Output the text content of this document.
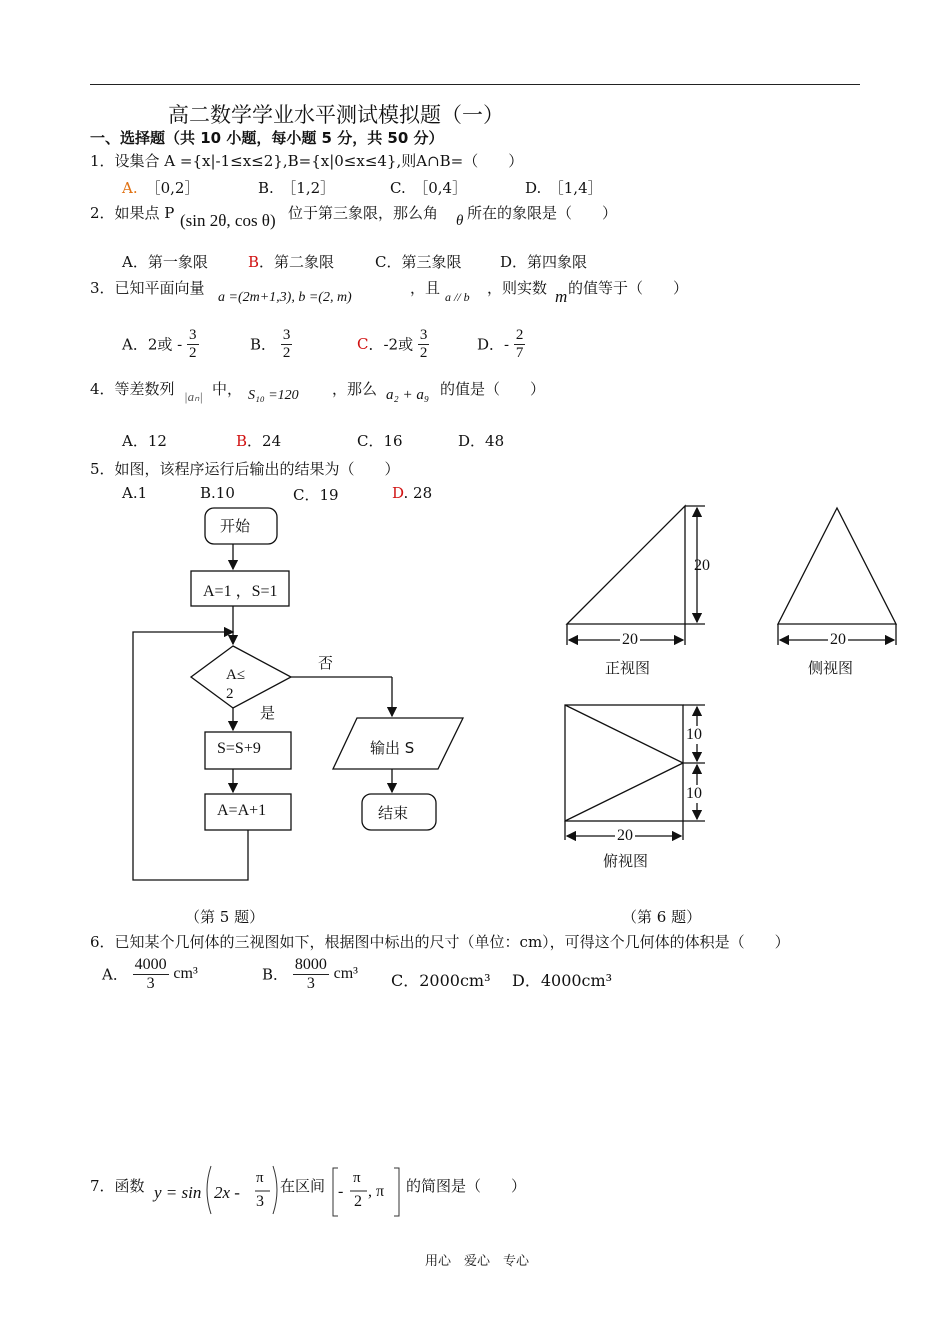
高二数学学业水平测试模拟题（一）
一、选择题（共 10 小题，每小题 5 分，共 50 分）
1．设集合 A ={x|-1≤x≤2},B={x|0≤x≤4},则A∩B=（　　）
A. ［0,2］	B.　［1,2］	C.　［0,4］	D.　［1,4］
2．如果点 P (sin 2θ, cos θ) 位于第三象限，那么角 θ 所在的象限是（　　）
A．第一象限	B．第二象限	C．第三象限	D．第四象限
3．已知平面向量
a =(2m+1,3), b =(2, m)
，且 a // b ，则实数 m 的值等于（　　）
A．2或 - $\frac{3}{2}$	B． $\frac{3}{2}$	C．-2或 $\frac{3}{2}$	D．- $\frac{2}{7}$
4．等差数列 |aₙ| 中， S₁₀ =120 ，那么 a₂ + a₉ 的值是（　　）
A．12	B．24	C．16	D．48
5．如图，该程序运行后输出的结果为（　　）
A.1	B.10	C．19	D. 28
开始
A=1 ，S=1
A≤
2
否
是
S=S+9
A=A+1
输出 S
结束
（第 5 题）
20
20
正视图
20
侧视图
10
10
20
俯视图
（第 6 题）
6．已知某个几何体的三视图如下，根据图中标出的尺寸（单位：cm），可得这个几何体的体积是（　　）
A． $\frac{4000}{3} cm^3$	B． $\frac{8000}{3} cm^3$ C．2000cm³ D．4000cm³
7．函数 y = sin 2x -
π
3
在区间 -
π
2
, π 的简图是（　　）
用心　爱心　专心
